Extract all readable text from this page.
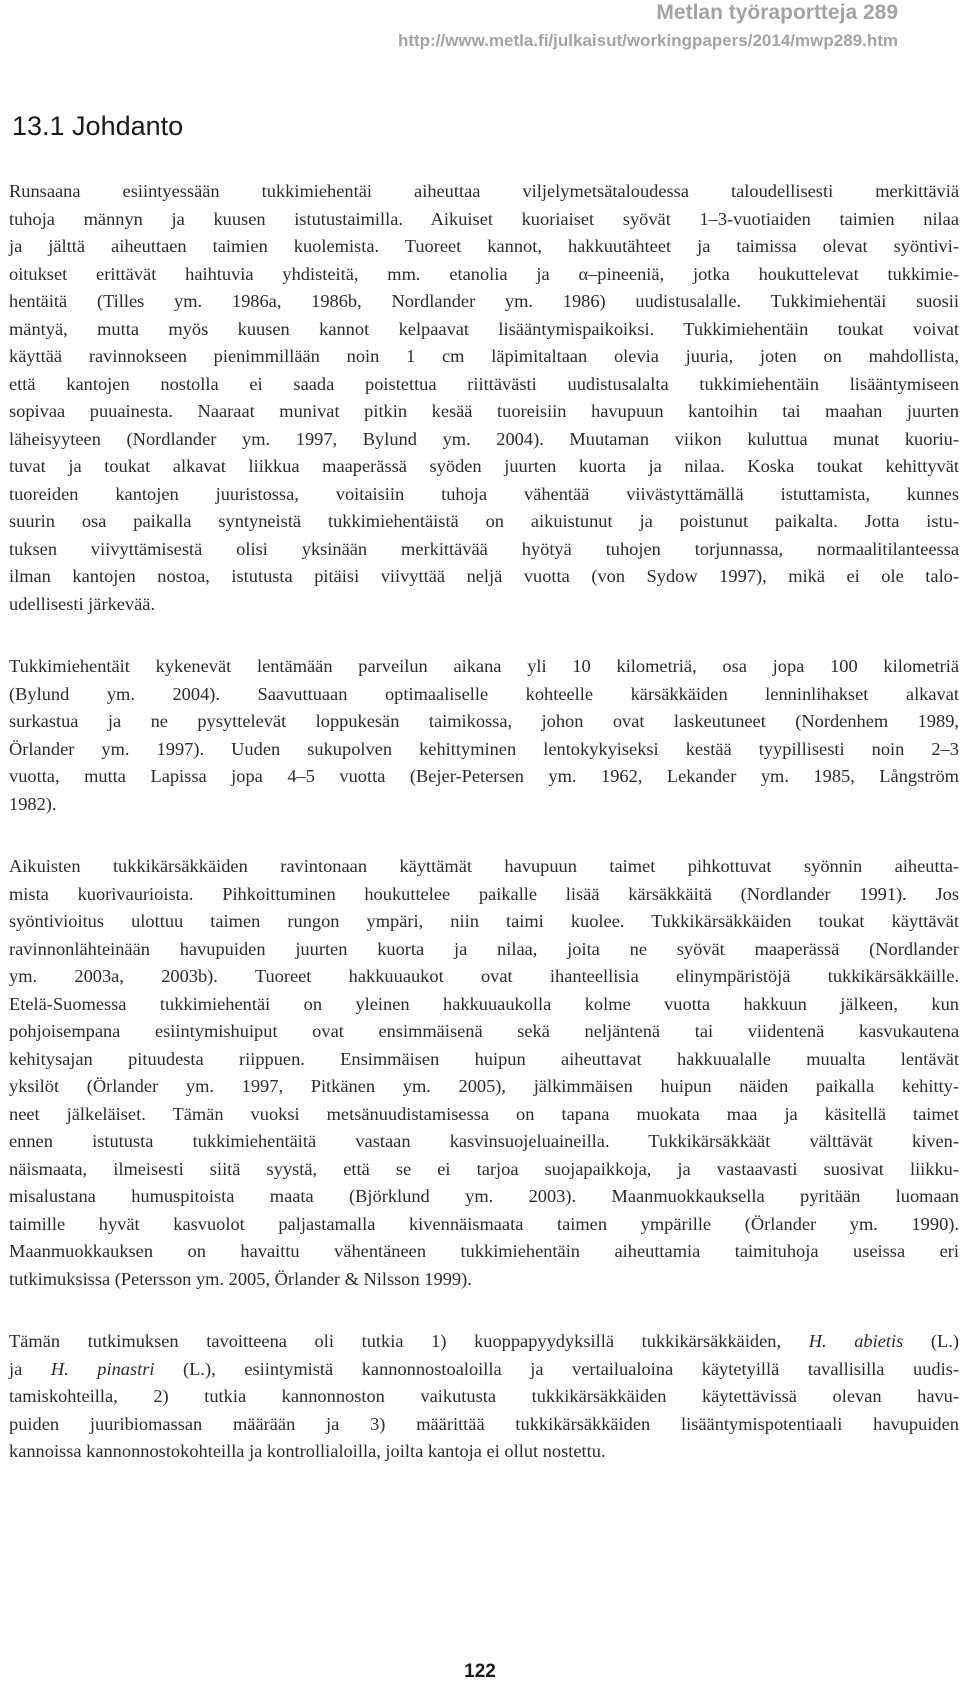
Metlan työraportteja 289
http://www.metla.fi/julkaisut/workingpapers/2014/mwp289.htm
13.1 Johdanto
Runsaana esiintyessään tukkimiehentäi aiheuttaa viljelymetsätaloudessa taloudellisesti merkittäviä
tuhoja männyn ja kuusen istutustaimilla. Aikuiset kuoriaiset syövät 1–3-vuotiaiden taimien nilaa
ja jälttä aiheuttaen taimien kuolemista. Tuoreet kannot, hakkuutähteet ja taimissa olevat syöntivi-
oitukset erittävät haihtuvia yhdisteitä, mm. etanolia ja α–pineeniä, jotka houkuttelevat tukkimie-
hentäitä (Tilles ym. 1986a, 1986b, Nordlander ym. 1986) uudistusalalle. Tukkimiehentäi suosii
mäntyä, mutta myös kuusen kannot kelpaavat lisääntymispaikoiksi. Tukkimiehentäin toukat voivat
käyttää ravinnokseen pienimmillään noin 1 cm läpimitaltaan olevia juuria, joten on mahdollista,
että kantojen nostolla ei saada poistettua riittävästi uudistusalalta tukkimiehentäin lisääntymiseen
sopivaa puuainesta. Naaraat munivat pitkin kesää tuoreisiin havupuun kantoihin tai maahan juurten
läheisyyteen (Nordlander ym. 1997, Bylund ym. 2004). Muutaman viikon kuluttua munat kuoriu-
tuvat ja toukat alkavat liikkua maaperässä syöden juurten kuorta ja nilaa. Koska toukat kehittyvät
tuoreiden kantojen juuristossa, voitaisiin tuhoja vähentää viivästyttämällä istuttamista, kunnes
suurin osa paikalla syntyneistä tukkimiehentäistä on aikuistunut ja poistunut paikalta. Jotta istu-
tuksen viivyttämisestä olisi yksinään merkittävää hyötyä tuhojen torjunnassa, normaalitilanteessa
ilman kantojen nostoa, istutusta pitäisi viivyttää neljä vuotta (von Sydow 1997), mikä ei ole talo-
udellisesti järkevää.
Tukkimiehentäit kykenevät lentämään parveilun aikana yli 10 kilometriä, osa jopa 100 kilometriä
(Bylund ym. 2004). Saavuttuaan optimaaliselle kohteelle kärsäkkäiden lenninlihakset alkavat
surkastua ja ne pysyttelevät loppukesän taimikossa, johon ovat laskeutuneet (Nordenhem 1989,
Örlander ym. 1997). Uuden sukupolven kehittyminen lentokykyiseksi kestää tyypillisesti noin 2–3
vuotta, mutta Lapissa jopa 4–5 vuotta (Bejer-Petersen ym. 1962, Lekander ym. 1985, Långström
1982).
Aikuisten tukkikärsäkkäiden ravintonaan käyttämät havupuun taimet pihkottuvat syönnin aiheutta-
mista kuorivaurioista. Pihkoittuminen houkuttelee paikalle lisää kärsäkkäitä (Nordlander 1991). Jos
syöntivioitus ulottuu taimen rungon ympäri, niin taimi kuolee. Tukkikärsäkkäiden toukat käyttävät
ravinnonlähteinään havupuiden juurten kuorta ja nilaa, joita ne syövät maaperässä (Nordlander
ym. 2003a, 2003b). Tuoreet hakkuuaukot ovat ihanteellisia elinympäristöjä tukkikärsäkkäille.
Etelä-Suomessa tukkimiehentäi on yleinen hakkuuaukolla kolme vuotta hakkuun jälkeen, kun
pohjoisempana esiintymishuiput ovat ensimmäisenä sekä neljäntenä tai viidentenä kasvukautena
kehitysajan pituudesta riippuen. Ensimmäisen huipun aiheuttavat hakkuualalle muualta lentävät
yksilöt (Örlander ym. 1997, Pitkänen ym. 2005), jälkimmäisen huipun näiden paikalla kehitty-
neet jälkeläiset. Tämän vuoksi metsänuudistamisessa on tapana muokata maa ja käsitellä taimet
ennen istutusta tukkimiehentäitä vastaan kasvinsuojeluaineilla. Tukkikärsäkkäät välttävät kiven-
näismaata, ilmeisesti siitä syystä, että se ei tarjoa suojapaikkoja, ja vastaavasti suosivat liikku-
misalustana humuspitoista maata (Björklund ym. 2003). Maanmuokkauksella pyritään luomaan
taimille hyvät kasvuolot paljastamalla kivennäismaata taimen ympärille (Örlander ym. 1990).
Maanmuokkauksen on havaittu vähentäneen tukkimiehentäin aiheuttamia taimituhoja useissa eri
tutkimuksissa (Petersson ym. 2005, Örlander & Nilsson 1999).
Tämän tutkimuksen tavoitteena oli tutkia 1) kuoppapyydyksillä tukkikärsäkkäiden, H. abietis (L.)
ja H. pinastri (L.), esiintymistä kannonnostoaloilla ja vertailualoina käytetyillä tavallisilla uudis-
tamiskohteilla, 2) tutkia kannonnoston vaikutusta tukkikärsäkkäiden käytettävissä olevan havu-
puiden juuribiomassan määrään ja 3) määrittää tukkikärsäkkäiden lisääntymispotentiaali havupuiden
kannoissa kannonnostokohteilla ja kontrollialoilla, joilta kantoja ei ollut nostettu.
122
